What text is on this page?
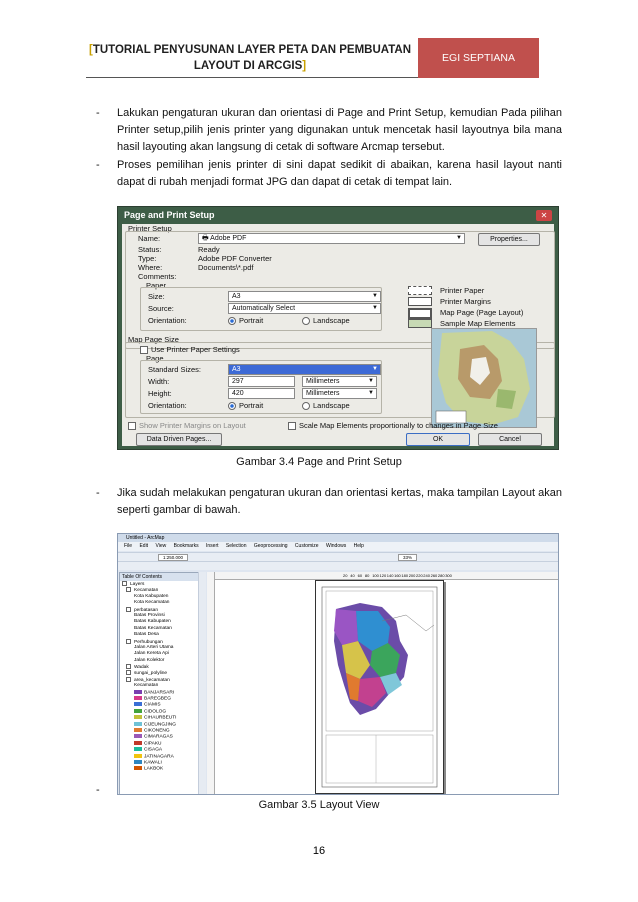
[TUTORIAL PENYUSUNAN LAYER PETA DAN PEMBUATAN LAYOUT DI ARCGIS]
EGI SEPTIANA
- Lakukan pengaturan ukuran dan orientasi di Page and Print Setup, kemudian Pada pilihan Printer setup,pilih jenis printer yang digunakan untuk mencetak hasil layoutnya bila mana hasil layouting akan langsung di cetak di software Arcmap tersebut.
- Proses pemilihan jenis printer di sini dapat sedikit di abaikan, karena hasil layout nanti dapat di rubah menjadi format JPG dan dapat di cetak di tempat lain.
Page and Print Setup	✕
Printer Setup
Name:	🖶 Adobe PDF	▼	Properties...
Status:	Ready
Type:	Adobe PDF Converter
Where:	Documents\*.pdf
Comments:
Paper
Size:	A3	▼
Source:	Automatically Select	▼
Orientation:	Portrait	Landscape
Printer Paper
Printer Margins
Map Page (Page Layout)
Sample Map Elements
Map Page Size
Use Printer Paper Settings
Page
Standard Sizes:	A3	▼
Width:	297	Millimeters	▼
Height:	420	Millimeters	▼
Orientation:	Portrait	Landscape
Show Printer Margins on Layout	Scale Map Elements proportionally to changes in Page Size
Data Driven Pages...	OK	Cancel
Gambar 3.4 Page and Print Setup
- Jika sudah melakukan pengaturan ukuran dan orientasi kertas, maka tampilan Layout akan seperti gambar di bawah.
Untitled - ArcMap
File Edit View Bookmarks Insert Selection Geoprocessing Customize Windows Help
1:250.000	33%
Table Of Contents
Layers
Kecamatan
Kota Kabupaten
Kota Kecamatan
perbatasan
Batas Provinsi
Batas Kabupaten
Batas Kecamatan
Batas Desa
Perhubungan
Jalan Arteri Utama
Jalan Kereta Api
Jalan Kolektor
Wadak
sungai_polyline
area_kecamatan
Kecamatan
BANJARSARI
BAREGBEG
CIAMIS
CIDOLOG
CIHAURBEUTI
CIJEUNGJING
CIKONENG
CIMARAGAS
CIPAKU
CISAGA
JATINAGARA
KAWALI
LAKBOK
20 40 60 80 100 120 140 160 180 200 220 240 260 280 300
-
Gambar 3.5 Layout View
16
